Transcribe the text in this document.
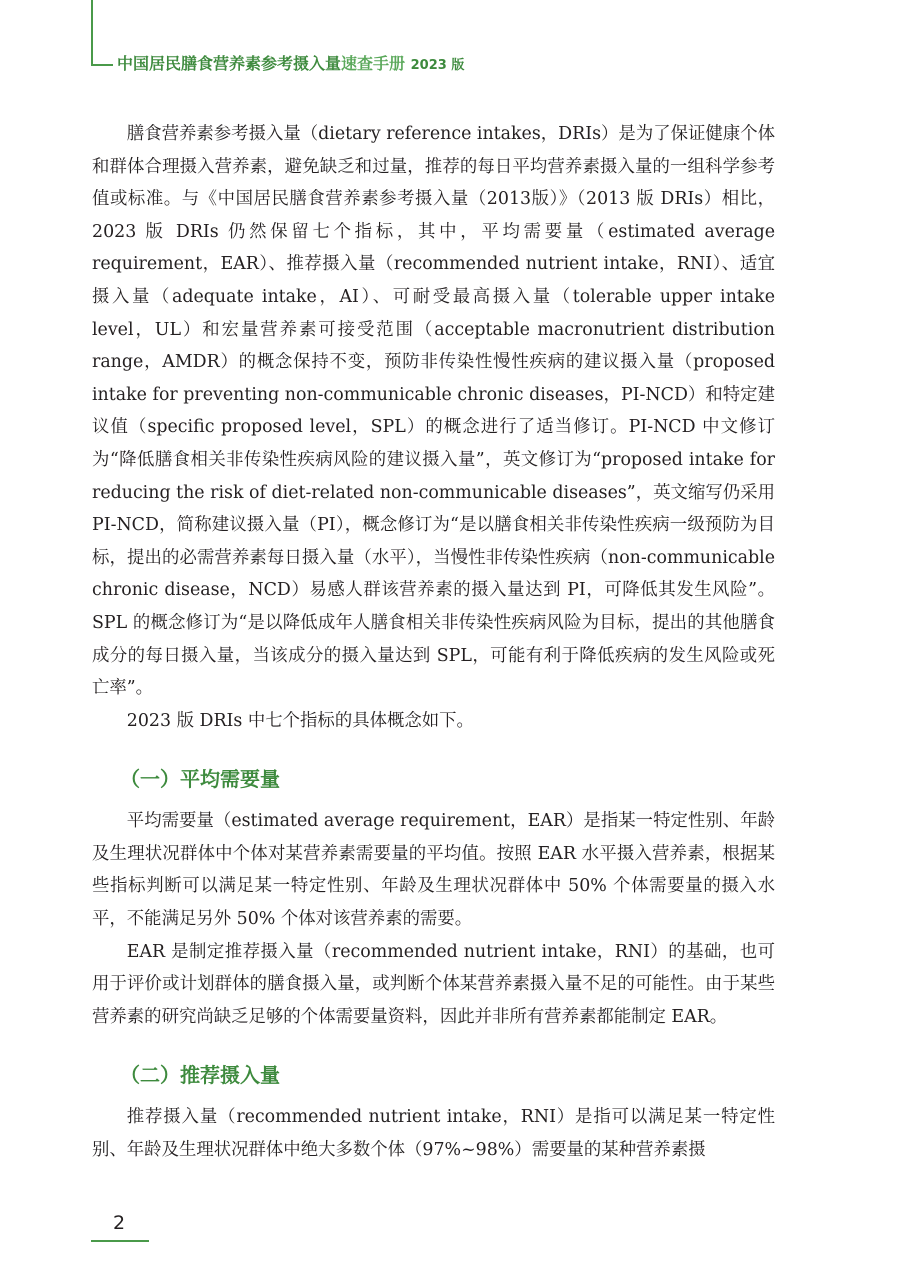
中国居民膳食营养素参考摄入量速查手册 2023 版

膳食营养素参考摄入量（dietary reference intakes，DRIs）是为了保证健康个体和群体合理摄入营养素，避免缺乏和过量，推荐的每日平均营养素摄入量的一组科学参考值或标准。与《中国居民膳食营养素参考摄入量（2013版）》（2013 版 DRIs）相比，2023 版 DRIs 仍然保留七个指标，其中，平均需要量（estimated average requirement，EAR）、推荐摄入量（recommended nutrient intake，RNI）、适宜摄入量（adequate intake，AI）、可耐受最高摄入量（tolerable upper intake level，UL）和宏量营养素可接受范围（acceptable macronutrient distribution range，AMDR）的概念保持不变，预防非传染性慢性疾病的建议摄入量（proposed intake for preventing non-communicable chronic diseases，PI-NCD）和特定建议值（specific proposed level，SPL）的概念进行了适当修订。PI-NCD 中文修订为“降低膳食相关非传染性疾病风险的建议摄入量”，英文修订为“proposed intake for reducing the risk of diet-related non-communicable diseases”，英文缩写仍采用 PI-NCD，简称建议摄入量（PI），概念修订为“是以膳食相关非传染性疾病一级预防为目标，提出的必需营养素每日摄入量（水平），当慢性非传染性疾病（non-communicable chronic disease，NCD）易感人群该营养素的摄入量达到 PI，可降低其发生风险”。SPL 的概念修订为“是以降低成年人膳食相关非传染性疾病风险为目标，提出的其他膳食成分的每日摄入量，当该成分的摄入量达到 SPL，可能有利于降低疾病的发生风险或死亡率”。

2023 版 DRIs 中七个指标的具体概念如下。

（一）平均需要量

平均需要量（estimated average requirement，EAR）是指某一特定性别、年龄及生理状况群体中个体对某营养素需要量的平均值。按照 EAR 水平摄入营养素，根据某些指标判断可以满足某一特定性别、年龄及生理状况群体中 50% 个体需要量的摄入水平，不能满足另外 50% 个体对该营养素的需要。

EAR 是制定推荐摄入量（recommended nutrient intake，RNI）的基础，也可用于评价或计划群体的膳食摄入量，或判断个体某营养素摄入量不足的可能性。由于某些营养素的研究尚缺乏足够的个体需要量资料，因此并非所有营养素都能制定 EAR。

（二）推荐摄入量

推荐摄入量（recommended nutrient intake，RNI）是指可以满足某一特定性别、年龄及生理状况群体中绝大多数个体（97%~98%）需要量的某种营养素摄

2
